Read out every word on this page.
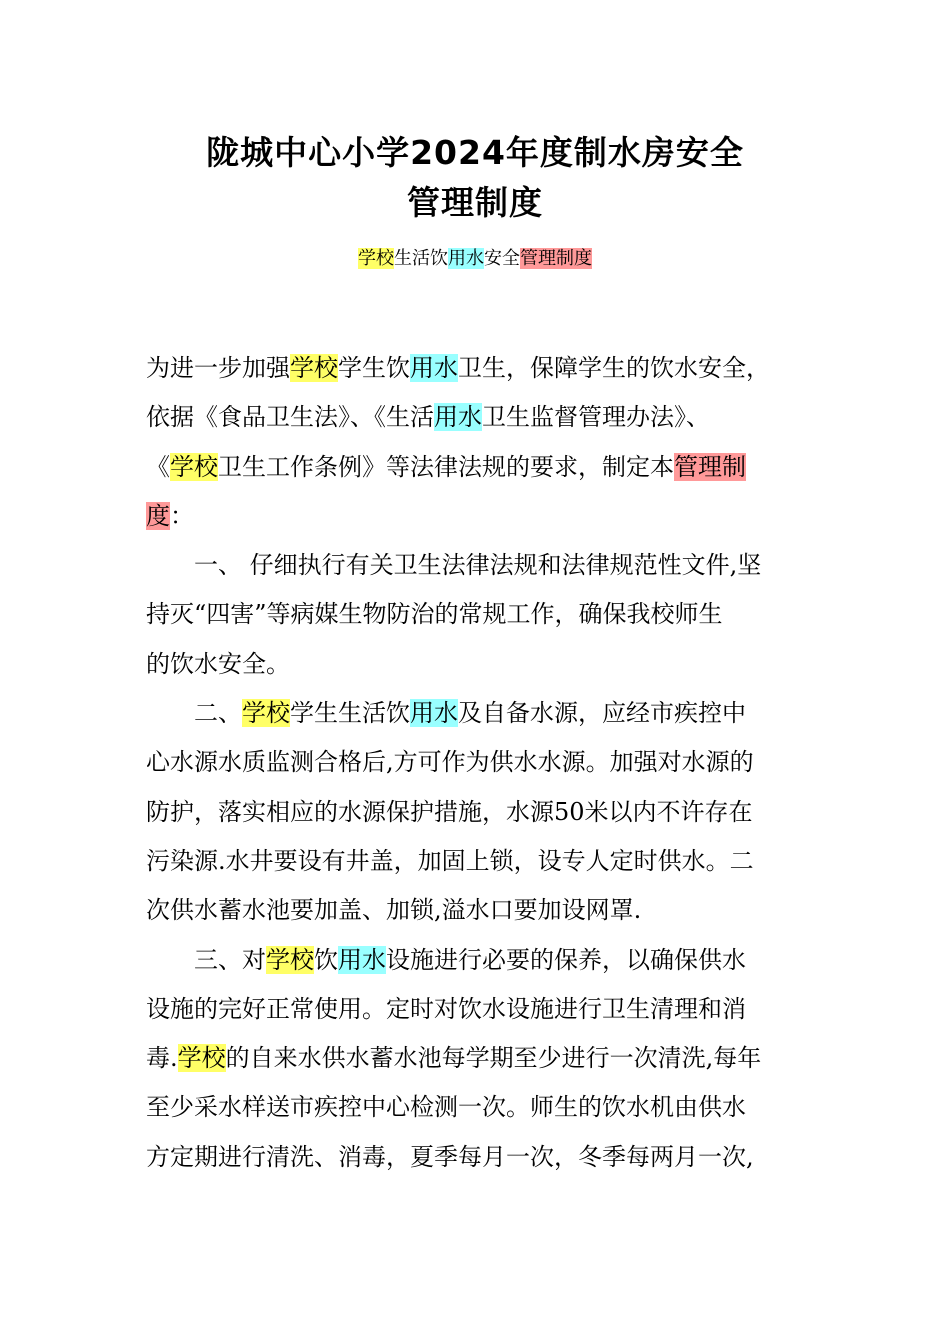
陇城中心小学2024年度制水房安全
管理制度
学校生活饮用水安全管理制度
为进一步加强学校学生饮用水卫生，保障学生的饮水安全，
依据《食品卫生法》、《生活用水卫生监督管理办法》、
《学校卫生工作条例》等法律法规的要求，制定本管理制
度：
一、 仔细执行有关卫生法律法规和法律规范性文件,坚
持灭“四害”等病媒生物防治的常规工作，确保我校师生
的饮水安全。
二、学校学生生活饮用水及自备水源，应经市疾控中
心水源水质监测合格后,方可作为供水水源。加强对水源的
防护，落实相应的水源保护措施，水源50米以内不许存在
污染源.水井要设有井盖，加固上锁，设专人定时供水。二
次供水蓄水池要加盖、加锁,溢水口要加设网罩.
三、对学校饮用水设施进行必要的保养，以确保供水
设施的完好正常使用。定时对饮水设施进行卫生清理和消
毒.学校的自来水供水蓄水池每学期至少进行一次清洗,每年
至少采水样送市疾控中心检测一次。师生的饮水机由供水
方定期进行清洗、消毒，夏季每月一次，冬季每两月一次,
